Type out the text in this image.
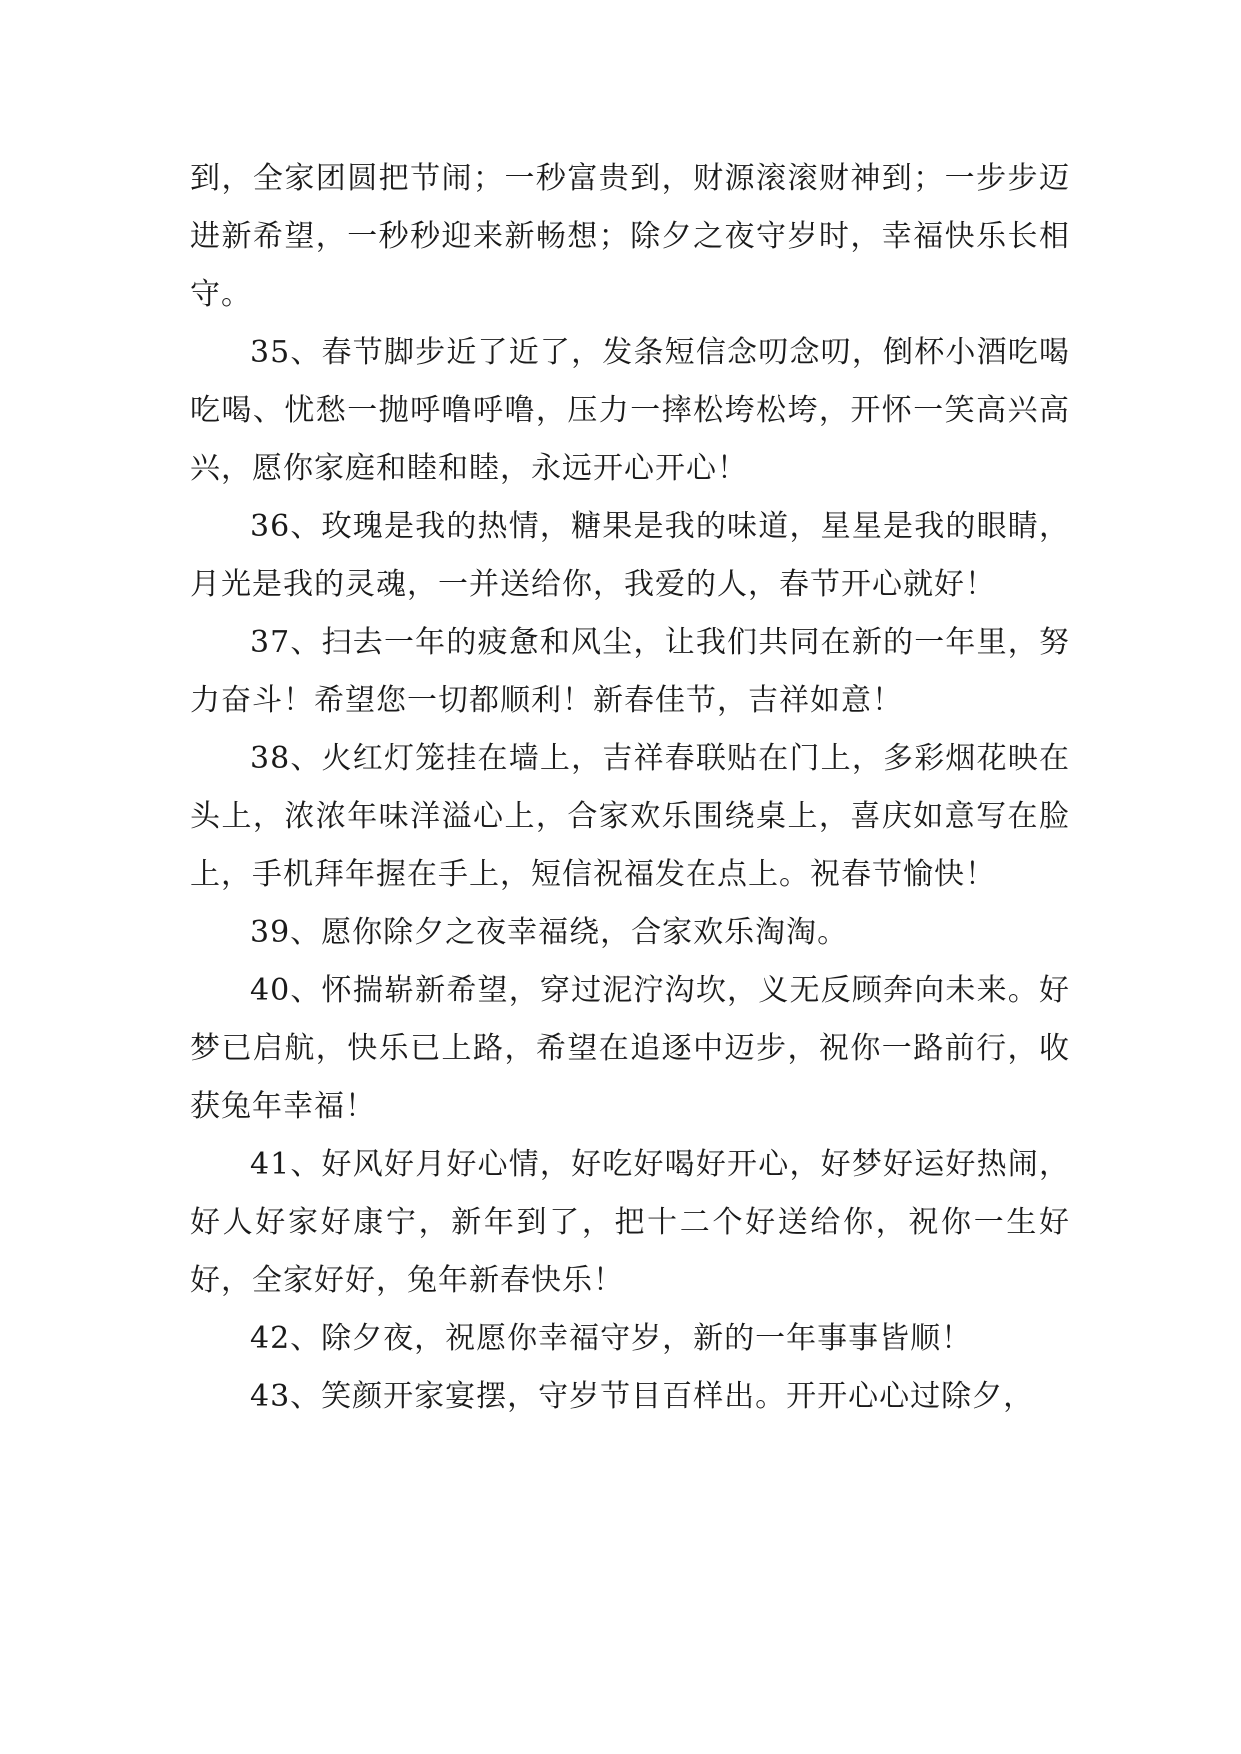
到，全家团圆把节闹；一秒富贵到，财源滚滚财神到；一步步迈进新希望，一秒秒迎来新畅想；除夕之夜守岁时，幸福快乐长相守。

35、春节脚步近了近了，发条短信念叨念叨，倒杯小酒吃喝吃喝、忧愁一抛呼噜呼噜，压力一摔松垮松垮，开怀一笑高兴高兴，愿你家庭和睦和睦，永远开心开心！

36、玫瑰是我的热情，糖果是我的味道，星星是我的眼睛，月光是我的灵魂，一并送给你，我爱的人，春节开心就好！

37、扫去一年的疲惫和风尘，让我们共同在新的一年里，努力奋斗！希望您一切都顺利！新春佳节，吉祥如意！

38、火红灯笼挂在墙上，吉祥春联贴在门上，多彩烟花映在头上，浓浓年味洋溢心上，合家欢乐围绕桌上，喜庆如意写在脸上，手机拜年握在手上，短信祝福发在点上。祝春节愉快！

39、愿你除夕之夜幸福绕，合家欢乐淘淘。

40、怀揣崭新希望，穿过泥泞沟坎，义无反顾奔向未来。好梦已启航，快乐已上路，希望在追逐中迈步，祝你一路前行，收获兔年幸福！

41、好风好月好心情，好吃好喝好开心，好梦好运好热闹，好人好家好康宁，新年到了，把十二个好送给你，祝你一生好好，全家好好，兔年新春快乐！

42、除夕夜，祝愿你幸福守岁，新的一年事事皆顺！

43、笑颜开家宴摆，守岁节目百样出。开开心心过除夕，
